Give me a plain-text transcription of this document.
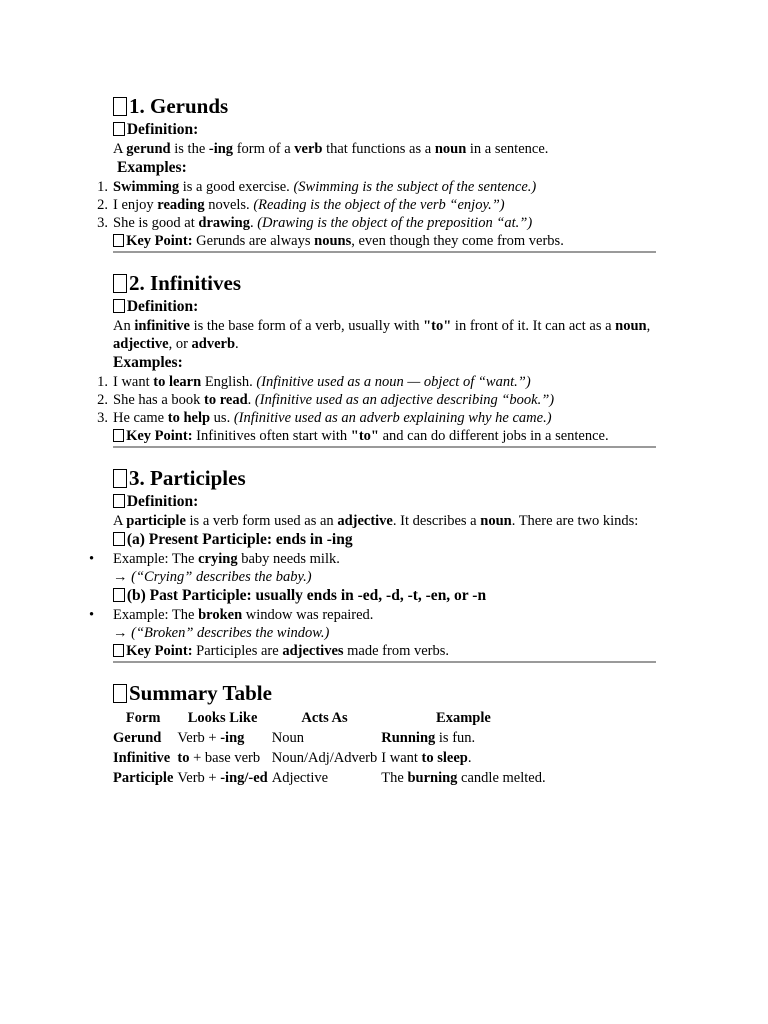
1. Gerunds
Definition:

A gerund is the -ing form of a verb that functions as a noun in a sentence.

Examples:
1. Swimming is a good exercise. (Swimming is the subject of the sentence.)
2. I enjoy reading novels. (Reading is the object of the verb “enjoy.”)
3. She is good at drawing. (Drawing is the object of the preposition “at.”)

Key Point: Gerunds are always nouns, even though they come from verbs.

2. Infinitives
Definition:

An infinitive is the base form of a verb, usually with "to" in front of it. It can act as a noun, adjective, or adverb.

Examples:
1. I want to learn English. (Infinitive used as a noun — object of “want.”)
2. She has a book to read. (Infinitive used as an adjective describing “book.”)
3. He came to help us. (Infinitive used as an adverb explaining why he came.)

Key Point: Infinitives often start with "to" and can do different jobs in a sentence.

3. Participles
Definition:

A participle is a verb form used as an adjective. It describes a noun. There are two kinds:

(a) Present Participle: ends in -ing
• Example: The crying baby needs milk.
→ (“Crying” describes the baby.)
(b) Past Participle: usually ends in -ed, -d, -t, -en, or -n
• Example: The broken window was repaired.
→ (“Broken” describes the window.)

Key Point: Participles are adjectives made from verbs.

Summary Table
Form	Looks Like	Acts As	Example
Gerund	Verb + -ing	Noun	Running is fun.
Infinitive	to + base verb	Noun/Adj/Adverb	I want to sleep.
Participle	Verb + -ing/-ed	Adjective	The burning candle melted.
